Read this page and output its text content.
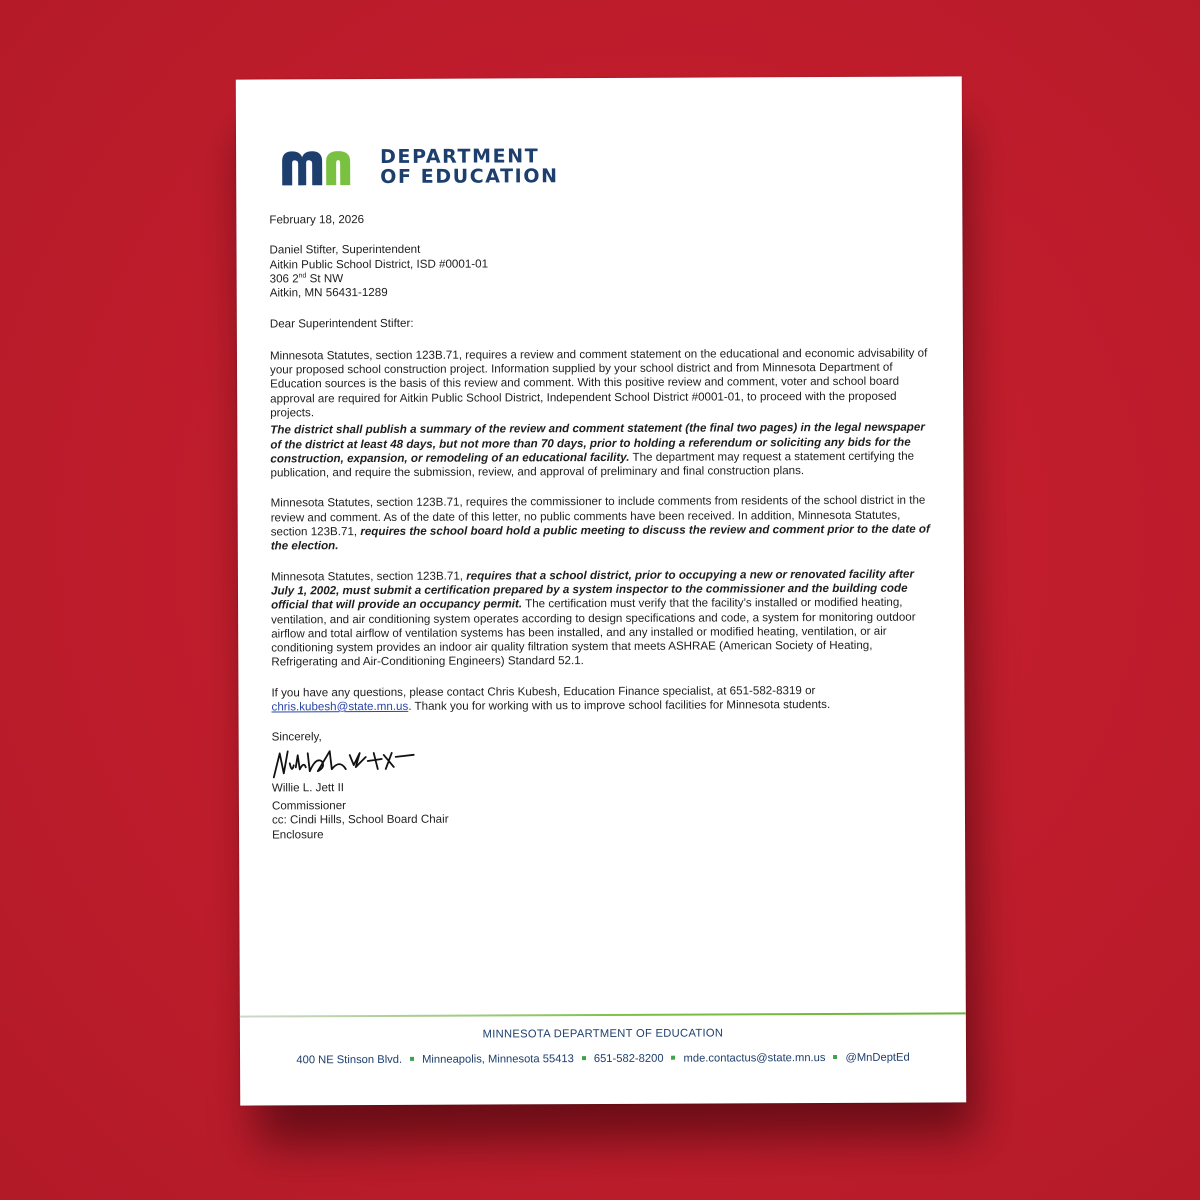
DEPARTMENT
OF EDUCATION

February 18, 2026

Daniel Stifter, Superintendent

Aitkin Public School District, ISD #0001-01

306 2nd St NW

Aitkin, MN 56431-1289

Dear Superintendent Stifter:

Minnesota Statutes, section 123B.71, requires a review and comment statement on the educational and economic advisability of your proposed school construction project. Information supplied by your school district and from Minnesota Department of Education sources is the basis of this review and comment. With this positive review and comment, voter and school board approval are required for Aitkin Public School District, Independent School District #0001-01, to proceed with the proposed projects.

The district shall publish a summary of the review and comment statement (the final two pages) in the legal newspaper of the district at least 48 days, but not more than 70 days, prior to holding a referendum or soliciting any bids for the construction, expansion, or remodeling of an educational facility. The department may request a statement certifying the publication, and require the submission, review, and approval of preliminary and final construction plans.

Minnesota Statutes, section 123B.71, requires the commissioner to include comments from residents of the school district in the review and comment. As of the date of this letter, no public comments have been received. In addition, Minnesota Statutes, section 123B.71, requires the school board hold a public meeting to discuss the review and comment prior to the date of the election.

Minnesota Statutes, section 123B.71, requires that a school district, prior to occupying a new or renovated facility after July 1, 2002, must submit a certification prepared by a system inspector to the commissioner and the building code official that will provide an occupancy permit. The certification must verify that the facility’s installed or modified heating, ventilation, and air conditioning system operates according to design specifications and code, a system for monitoring outdoor airflow and total airflow of ventilation systems has been installed, and any installed or modified heating, ventilation, or air conditioning system provides an indoor air quality filtration system that meets ASHRAE (American Society of Heating, Refrigerating and Air-Conditioning Engineers) Standard 52.1.

If you have any questions, please contact Chris Kubesh, Education Finance specialist, at 651-582-8319 or chris.kubesh@state.mn.us. Thank you for working with us to improve school facilities for Minnesota students.

Sincerely,

Willie L. Jett II

Commissioner

cc: Cindi Hills, School Board Chair

Enclosure

MINNESOTA DEPARTMENT OF EDUCATION
400 NE Stinson Blvd. Minneapolis, Minnesota 55413 651-582-8200 mde.contactus@state.mn.us @MnDeptEd
